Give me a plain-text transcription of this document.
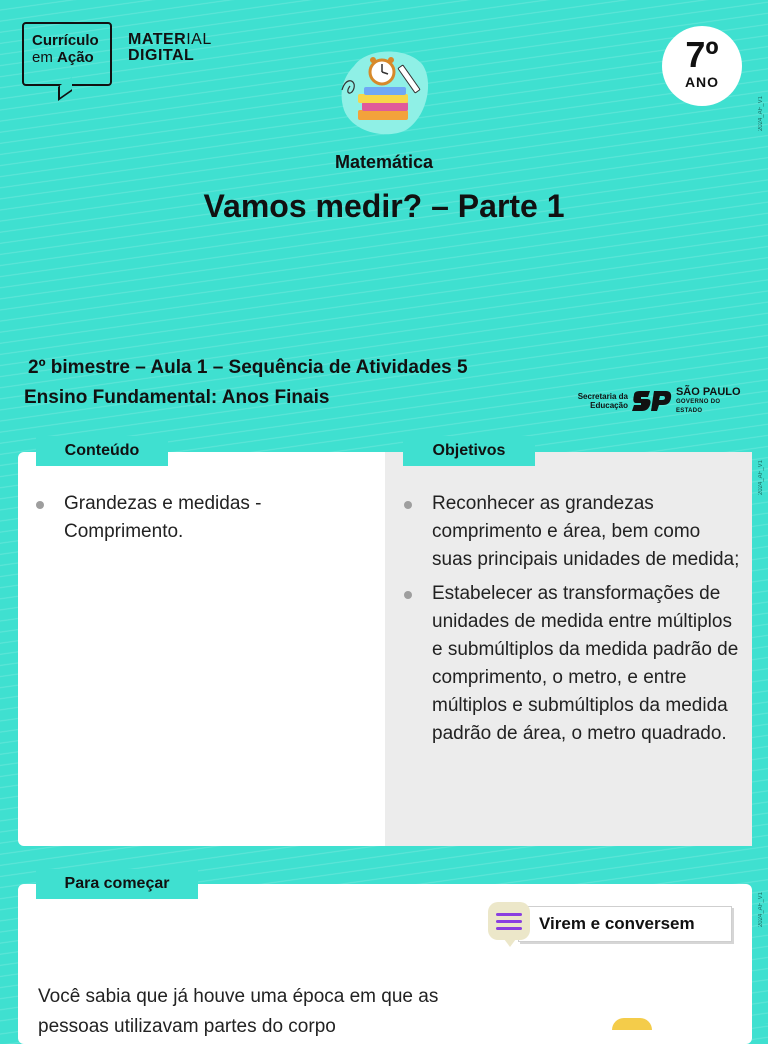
Currículo
em Ação
MATERIAL
DIGITAL	7º
ANO
2024_AF_V1
2024_AF_V1
2024_AF_V1
Matemática
Vamos medir? – Parte 1
2º bimestre – Aula 1 – Sequência de Atividades 5
Ensino Fundamental: Anos Finais	Secretaria da
Educação
SÃO PAULO
GOVERNO DO ESTADO
Conteúdo	Objetivos
Grandezas e medidas - Comprimento.
Reconhecer as grandezas comprimento e área, bem como suas principais unidades de medida;
Estabelecer as transformações de unidades de medida entre múltiplos e submúltiplos da medida padrão de comprimento, o metro, e entre múltiplos e submúltiplos da medida padrão de área, o metro quadrado.
Para começar
Virem e conversem
Você sabia que já houve uma época em que as pessoas utilizavam partes do corpo
